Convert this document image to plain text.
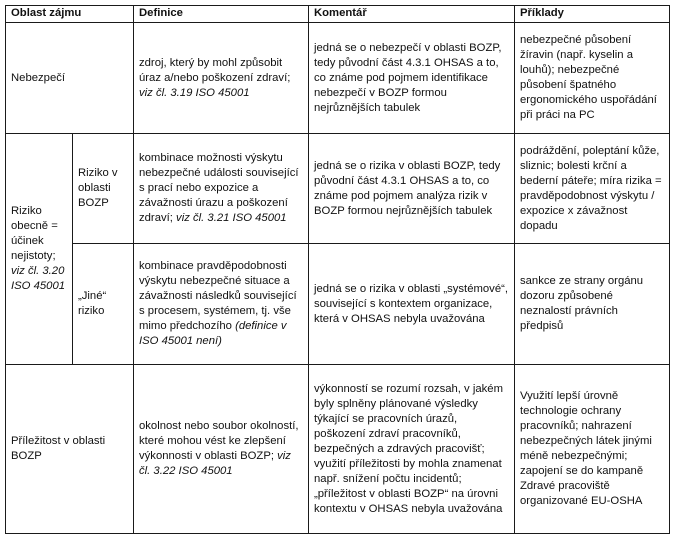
Oblast zájmu		Definice	Komentář	Příklady
Nebezpečí		zdroj, který by mohl způsobit úraz a/nebo poškození zdraví; viz čl. 3.19 ISO 45001	jedná se o nebezpečí v oblasti BOZP, tedy původní část 4.3.1 OHSAS a to, co známe pod pojmem identifikace nebezpečí v BOZP formou nejrůznějších tabulek	nebezpečné působení žíravin (např. kyselin a louhů); nebezpečné působení špatného ergonomického uspořádání při práci na PC
Riziko obecně = účinek nejistoty; viz čl. 3.20 ISO 45001	Riziko v oblasti BOZP	kombinace možnosti výskytu nebezpečné události související s prací nebo expozice a závažnosti úrazu a poškození zdraví; viz čl. 3.21 ISO 45001	jedná se o rizika v oblasti BOZP, tedy původní část 4.3.1 OHSAS a to, co známe pod pojmem analýza rizik v BOZP formou nejrůznějších tabulek	podráždění, poleptání kůže, sliznic; bolesti krční a bederní páteře; míra rizika = pravděpodobnost výskytu / expozice x závažnost dopadu
	„Jiné“ riziko	kombinace pravděpodobnosti výskytu nebezpečné situace a závažnosti následků související s procesem, systémem, tj. vše mimo předchozího (definice v ISO 45001 není)	jedná se o rizika v oblasti „systémové“, související s kontextem organizace, která v OHSAS nebyla uvažována	sankce ze strany orgánu dozoru způsobené neznalostí právních předpisů
Příležitost v oblasti BOZP		okolnost nebo soubor okolností, které mohou vést ke zlepšení výkonnosti v oblasti BOZP; viz čl. 3.22 ISO 45001	výkonností se rozumí rozsah, v jakém byly splněny plánované výsledky týkající se pracovních úrazů, poškození zdraví pracovníků, bezpečných a zdravých pracovišť; využití příležitosti by mohla znamenat např. snížení počtu incidentů; „příležitost v oblasti BOZP“ na úrovni kontextu v OHSAS nebyla uvažována	Využití lepší úrovně technologie ochrany pracovníků; nahrazení nebezpečných látek jinými méně nebezpečnými; zapojení se do kampaně Zdravé pracoviště organizované EU-OSHA
